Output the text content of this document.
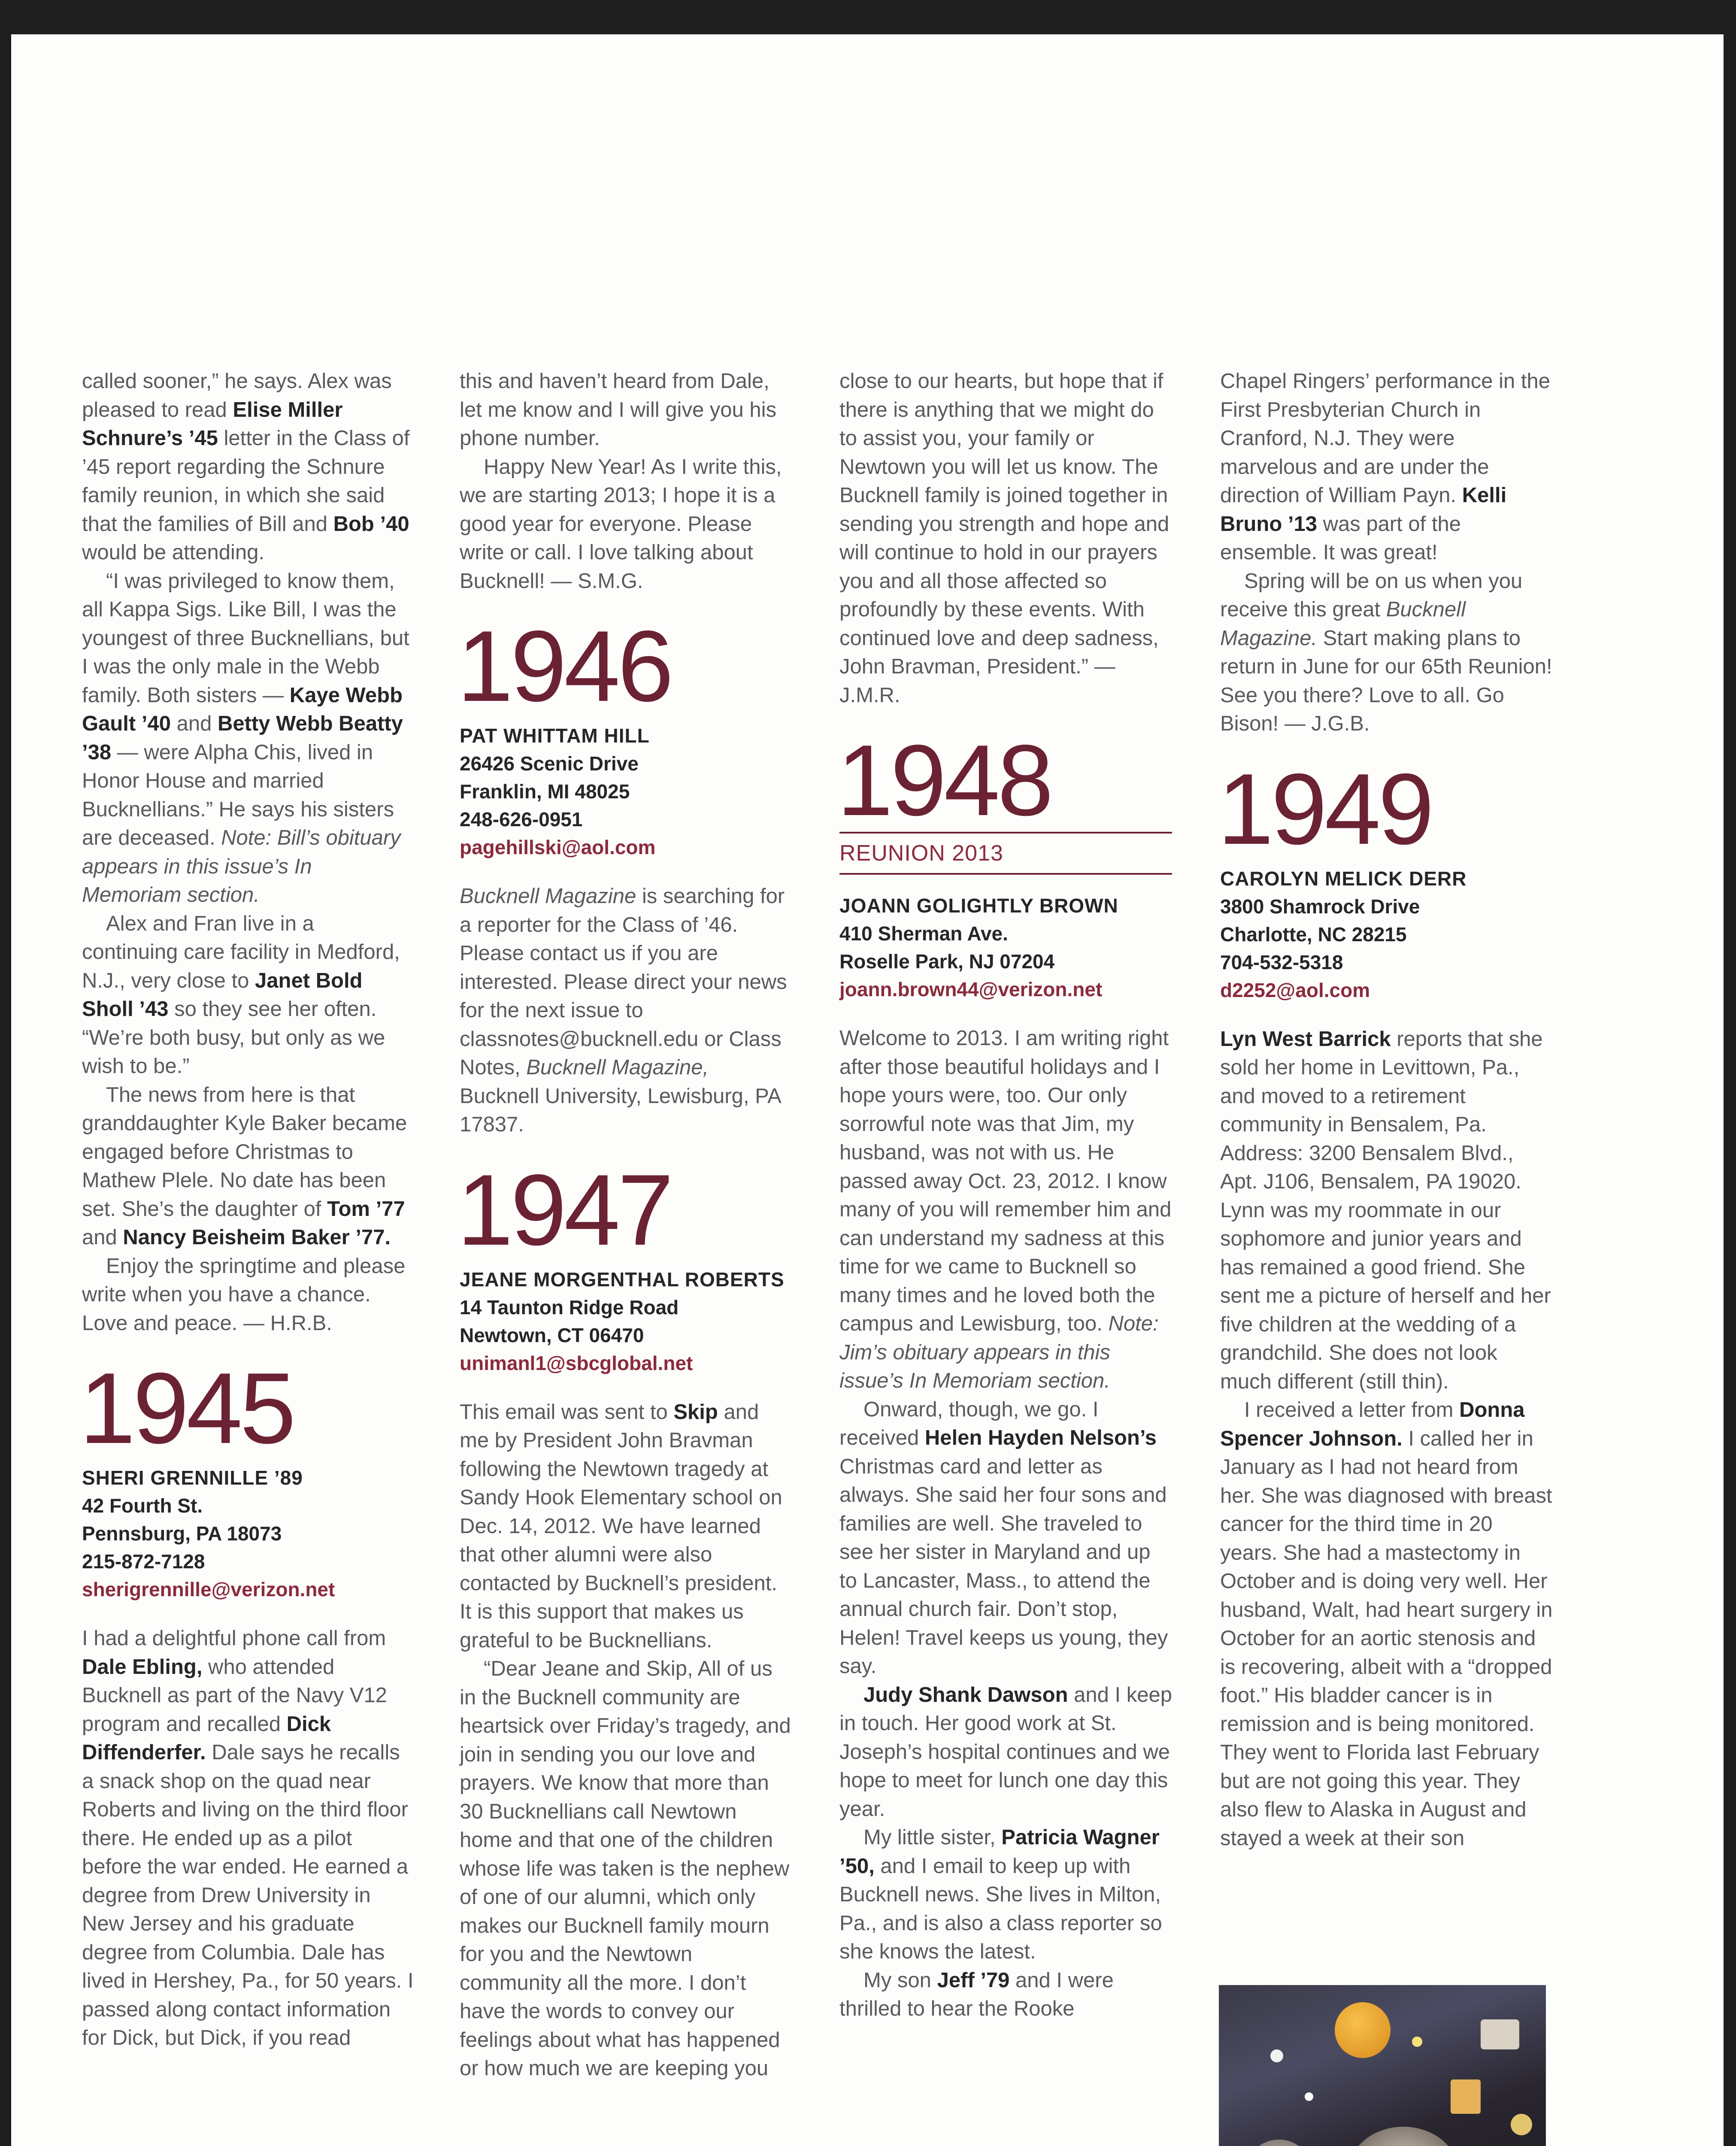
called sooner,” he says. Alex was pleased to read Elise Miller Schnure’s ’45 letter in the Class of ’45 report regarding the Schnure family reunion, in which she said that the families of Bill and Bob ’40 would be attending.

“I was privileged to know them, all Kappa Sigs. Like Bill, I was the youngest of three Bucknellians, but I was the only male in the Webb family. Both sisters — Kaye Webb Gault ’40 and Betty Webb Beatty ’38 — were Alpha Chis, lived in Honor House and married Bucknellians.” He says his sisters are deceased. Note: Bill’s obituary appears in this issue’s In Memoriam section.

Alex and Fran live in a continuing care facility in Medford, N.J., very close to Janet Bold Sholl ’43 so they see her often. “We’re both busy, but only as we wish to be.”

The news from here is that granddaughter Kyle Baker became engaged before Christmas to Mathew Plele. No date has been set. She’s the daughter of Tom ’77 and Nancy Beisheim Baker ’77.

Enjoy the springtime and please write when you have a chance. Love and peace. — H.R.B.

1945
SHERI GRENNILLE ’89
42 Fourth St.
Pennsburg, PA 18073
215-872-7128
sherigrennille@verizon.net

I had a delightful phone call from Dale Ebling, who attended Bucknell as part of the Navy V12 program and recalled Dick Diffenderfer. Dale says he recalls a snack shop on the quad near Roberts and living on the third floor there. He ended up as a pilot before the war ended. He earned a degree from Drew University in New Jersey and his graduate degree from Columbia. Dale has lived in Hershey, Pa., for 50 years. I passed along contact information for Dick, but Dick, if you read

this and haven’t heard from Dale, let me know and I will give you his phone number.

Happy New Year! As I write this, we are starting 2013; I hope it is a good year for everyone. Please write or call. I love talking about Bucknell! — S.M.G.

1946
PAT WHITTAM HILL
26426 Scenic Drive
Franklin, MI 48025
248-626-0951
pagehillski@aol.com

Bucknell Magazine is searching for a reporter for the Class of ’46. Please contact us if you are interested. Please direct your news for the next issue to classnotes@bucknell.edu or Class Notes, Bucknell Magazine, Bucknell University, Lewisburg, PA 17837.

1947
JEANE MORGENTHAL ROBERTS
14 Taunton Ridge Road
Newtown, CT 06470
unimanl1@sbcglobal.net

This email was sent to Skip and me by President John Bravman following the Newtown tragedy at Sandy Hook Elementary school on Dec. 14, 2012. We have learned that other alumni were also contacted by Bucknell’s president. It is this support that makes us grateful to be Bucknellians.

“Dear Jeane and Skip, All of us in the Bucknell community are heartsick over Friday’s tragedy, and join in sending you our love and prayers. We know that more than 30 Bucknellians call Newtown home and that one of the children whose life was taken is the nephew of one of our alumni, which only makes our Bucknell family mourn for you and the Newtown community all the more. I don’t have the words to convey our feelings about what has happened or how much we are keeping you

close to our hearts, but hope that if there is anything that we might do to assist you, your family or Newtown you will let us know. The Bucknell family is joined together in sending you strength and hope and will continue to hold in our prayers you and all those affected so profoundly by these events. With continued love and deep sadness, John Bravman, President.” — J.M.R.

1948
REUNION 2013
JOANN GOLIGHTLY BROWN
410 Sherman Ave.
Roselle Park, NJ 07204
joann.brown44@verizon.net

Welcome to 2013. I am writing right after those beautiful holidays and I hope yours were, too. Our only sorrowful note was that Jim, my husband, was not with us. He passed away Oct. 23, 2012. I know many of you will remember him and can understand my sadness at this time for we came to Bucknell so many times and he loved both the campus and Lewisburg, too. Note: Jim’s obituary appears in this issue’s In Memoriam section.

Onward, though, we go. I received Helen Hayden Nelson’s Christmas card and letter as always. She said her four sons and families are well. She traveled to see her sister in Maryland and up to Lancaster, Mass., to attend the annual church fair. Don’t stop, Helen! Travel keeps us young, they say.

Judy Shank Dawson and I keep in touch. Her good work at St. Joseph’s hospital continues and we hope to meet for lunch one day this year.

My little sister, Patricia Wagner ’50, and I email to keep up with Bucknell news. She lives in Milton, Pa., and is also a class reporter so she knows the latest.

My son Jeff ’79 and I were thrilled to hear the Rooke

Chapel Ringers’ performance in the First Presbyterian Church in Cranford, N.J. They were marvelous and are under the direction of William Payn. Kelli Bruno ’13 was part of the ensemble. It was great!

Spring will be on us when you receive this great Bucknell Magazine. Start making plans to return in June for our 65th Reunion! See you there? Love to all. Go Bison! — J.G.B.

1949
CAROLYN MELICK DERR
3800 Shamrock Drive
Charlotte, NC 28215
704-532-5318
d2252@aol.com

Lyn West Barrick reports that she sold her home in Levittown, Pa., and moved to a retirement community in Bensalem, Pa. Address: 3200 Bensalem Blvd., Apt. J106, Bensalem, PA 19020. Lynn was my roommate in our sophomore and junior years and has remained a good friend. She sent me a picture of herself and her five children at the wedding of a grandchild. She does not look much different (still thin).

I received a letter from Donna Spencer Johnson. I called her in January as I had not heard from her. She was diagnosed with breast cancer for the third time in 20 years. She had a mastectomy in October and is doing very well. Her husband, Walt, had heart surgery in October for an aortic stenosis and is recovering, albeit with a “dropped foot.” His bladder cancer is in remission and is being monitored. They went to Florida last February but are not going this year. They also flew to Alaska in August and stayed a week at their son
